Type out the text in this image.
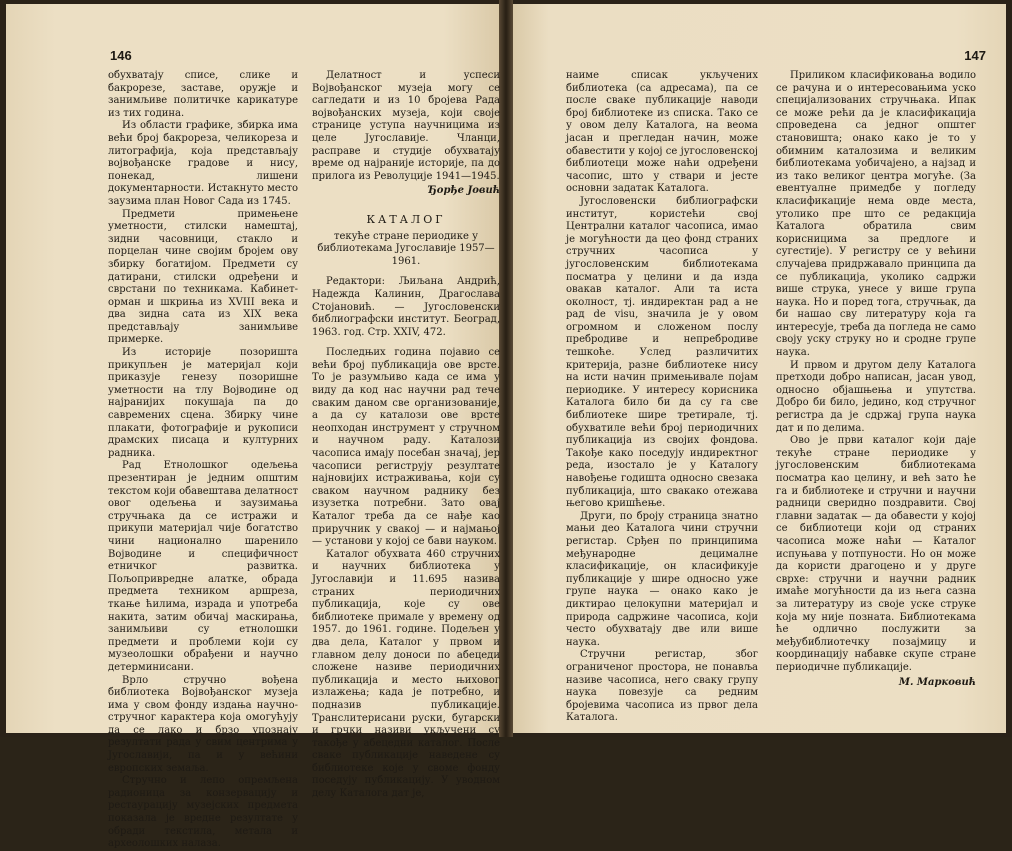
146	147

обухватају списе, слике и бакрорезе, заставе, оружје и занимљиве политичке карикатуре из тих година.

Из области графике, збирка има већи број бакрореза, челикореза и литографија, која представљају војвођанске градове и нису, понекад, лишени документарности. Истакнуто место заузима план Новог Сада из 1745.

Предмети примењене уметности, стилски намештај, зидни часовници, стакло и порцелан чине својим бројем ову збирку богатијом. Предмети су датирани, стилски одређени и сврстани по техникама. Кабинет-орман и шкриња из XVIII века и два зидна сата из XIX века представљају занимљиве примерке.

Из историје позоришта прикупљен је материјал који приказује генезу позоришне уметности на тлу Војводине од најранијих покушаја па до савремених сцена. Збирку чине плакати, фотографије и рукописи драмских писаца и културних радника.

Рад Етнолошког одељења презентиран је једним општим текстом који обавештава делатност овог одељења и заузимања стручњака да се истражи и прикупи материјал чије богатство чини национално шаренило Војводине и специфичност етничког развитка. Пољопривредне алатке, обрада предмета техником аршреза, ткање ћилима, израда и употреба накита, затим обичај маскирања, занимљиви су етнолошки предмети и проблеми који су музеолошки обрађени и научно детерминисани.

Врло стручно вођена библиотека Војвођанског музеја има у свом фонду издања научно-стручног карактера која омогућују да се лако и брзо упознају резултати рада у свим центрима у Југославији, па и у већини европских земаља.

Стручно и лепо опремљена радионица за конзервацију и рестаурацију музејских предмета показала је вредне резултате у обради текстила, метала и археолошких налаза.

Делатност и успеси Војвођанског музеја могу се сагледати и из 10 бројева Рада војвођанских музеја, који своје странице уступа научницима из целе Југославије. Чланци, расправе и студије обухватају време од најраније историје, па до прилога из Револуције 1941—1945.

Ђорђе Јовић

КАТАЛОГ

текуће стране периодике у библиотекама Југославије 1957—1961.

Редактори: Љиљана Андрић, Надежда Калинин, Драгослава Стојановић. — Југословенски библиографски институт. Београд, 1963. год. Стр. XXIV, 472.

Последњих година појавио се већи број публикација ове врсте. То је разумљиво када се има у виду да код нас научни рад тече сваким даном све организованије, а да су каталози ове врсте неопходан инструмент у стручном и научном раду. Каталози часописа имају посебан значај, јер часописи региструју резултате најновијих истраживања, који су сваком научном раднику без изузетка потребни. Зато овај Каталог треба да се нађе као приручник у свакој — и најмањој — установи у којој се бави науком.

Каталог обухвата 460 стручних и научних библиотека у Југославији и 11.695 назива страних периодичних публикација, које су ове библиотеке примале у времену од 1957. до 1961. године. Подељен у два дела, Каталог у првом и главном делу доноси по абецеди сложене називе периодичних публикација и место њиховог излажења; када је потребно, и подназив публикације. Транслитерисани руски, бугарски и грчки називи укључени су такође у абецедни каталог. После сваке публикације наведене су библиотеке које у своме фонду поседују публикацију. У уводном делу Каталога дат је,

наиме списак укључених библиотека (са адресама), па се после сваке публикације наводи број библиотеке из списка. Тако се у овом делу Каталога, на веома јасан и прегледан начин, може обавестити у којој се југословенској библиотеци може наћи одређени часопис, што у ствари и јесте основни задатак Каталога.

Југословенски библиографски институт, користећи свој Централни каталог часописа, имао је могућности да цео фонд страних стручних часописа у југословенским библиотекама посматра у целини и да изда овакав каталог. Али та иста околност, тј. индиректан рад а не рад de visu, значила је у овом огромном и сложеном послу пребродиве и непребродиве тешкоће. Услед различитих критерија, разне библиотеке нису на исти начин примењивале појам периодике. У интересу корисника Каталога било би да су га све библиотеке шире третирале, тј. обухватиле већи број периодичних публикација из својих фондова. Такође како поседују индиректног реда, изостало је у Каталогу навођење годишта односно свезака публикација, што свакако отежава његово кришћење.

Други, по броју страница знатно мањи део Каталога чини стручни регистар. Срђен по принципима међународне децималне класификације, он класификује публикације у шире односно уже групе наука — онако како је диктирао целокупни материјал и природа садржине часописа, који често обухватају две или више наука.

Стручни регистар, због ограниченог простора, не понавља називе часописа, него сваку групу наука повезује са редним бројевима часописа из првог дела Каталога.

Приликом класификовања водило се рачуна и о интересовањима уско специјализованих стручњака. Ипак се може рећи да је класификација спроведена са једног општег становишта; онако како је то у обимним каталозима и великим библиотекама уобичајено, а најзад и из тако великог центра могуће. (За евентуалне примедбе у погледу класификације нема овде места, утолико пре што се редакција Каталога обратила свим корисницима за предлоге и сугестије). У регистру се у већини случајева придржавало принципа да се публикација, уколико садржи више струка, унесе у више група наука. Но и поред тога, стручњак, да би нашао сву литературу која га интересује, треба да погледа не само своју уску струку но и сродне групе наука.

И првом и другом делу Каталога претходи добро написан, јасан увод, односно објашњења и упутства. Добро би било, једино, код стручног регистра да је сдржај група наука дат и по делима.

Ово је први каталог који даје текуће стране периодике у југословенским библиотекама посматра као целину, и већ зато ће га и библиотеке и стручни и научни радници сверидно поздравити. Свој главни задатак — да обавести у којој се библиотеци који од страних часописа може наћи — Каталог испуњава у потпуности. Но он може да користи драгоцено и у друге сврхе: стручни и научни радник имаће могућности да из њега сазна за литературу из своје уске струке која му није позната. Библиотекама ће одлично послужити за међубиблиотечку позајмицу и координацију набавке скупе стране периодичне публикације.

М. Марковић
